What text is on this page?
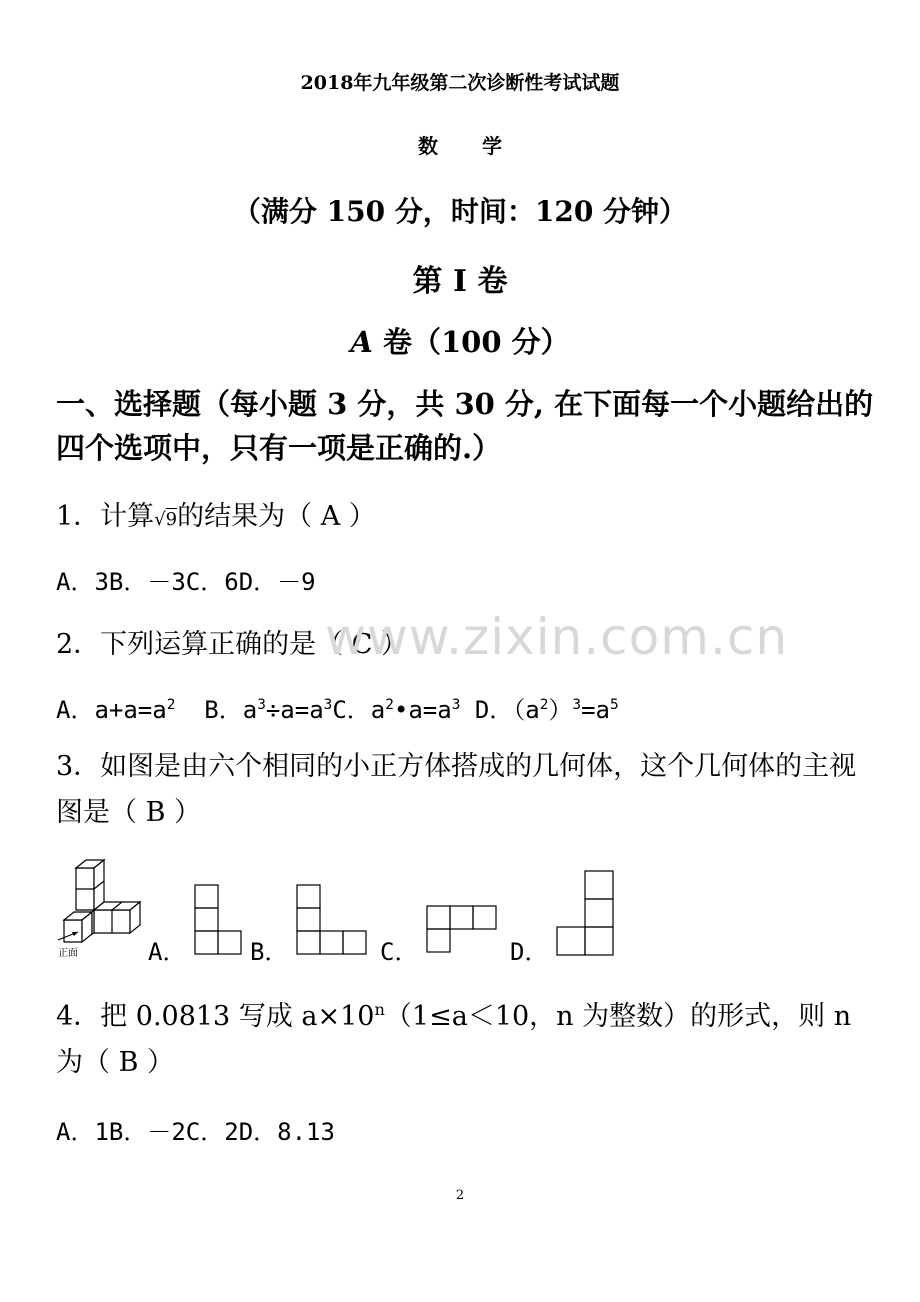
2018年九年级第二次诊断性考试试题
数学
（满分 150 分，时间：120 分钟）
第 I 卷
A 卷（100 分）
一、选择题（每小题 3 分，共 30 分, 在下面每一个小题给出的四个选项中，只有一项是正确的.）
1．计算√9的结果为（ A ）
A．3B．－3C．6D．－9
2．下列运算正确的是（ C ）
A．$a+a=a^2$ B．$a^3\div a=a^3C$．$a^2•a=a^3$ D．$(a^2)^3=a^5$
www.zixin.com.cn
3．如图是由六个相同的小正方体搭成的几何体，这个几何体的主视图是（ B ）
正面	A．	B．	C．	D．
4．把 0.0813 写成 $a\times 10^n(1\le a<10$，n 为整数）的形式，则 n 为（ B ）
A．1B．－2C．2D．8.13
2
